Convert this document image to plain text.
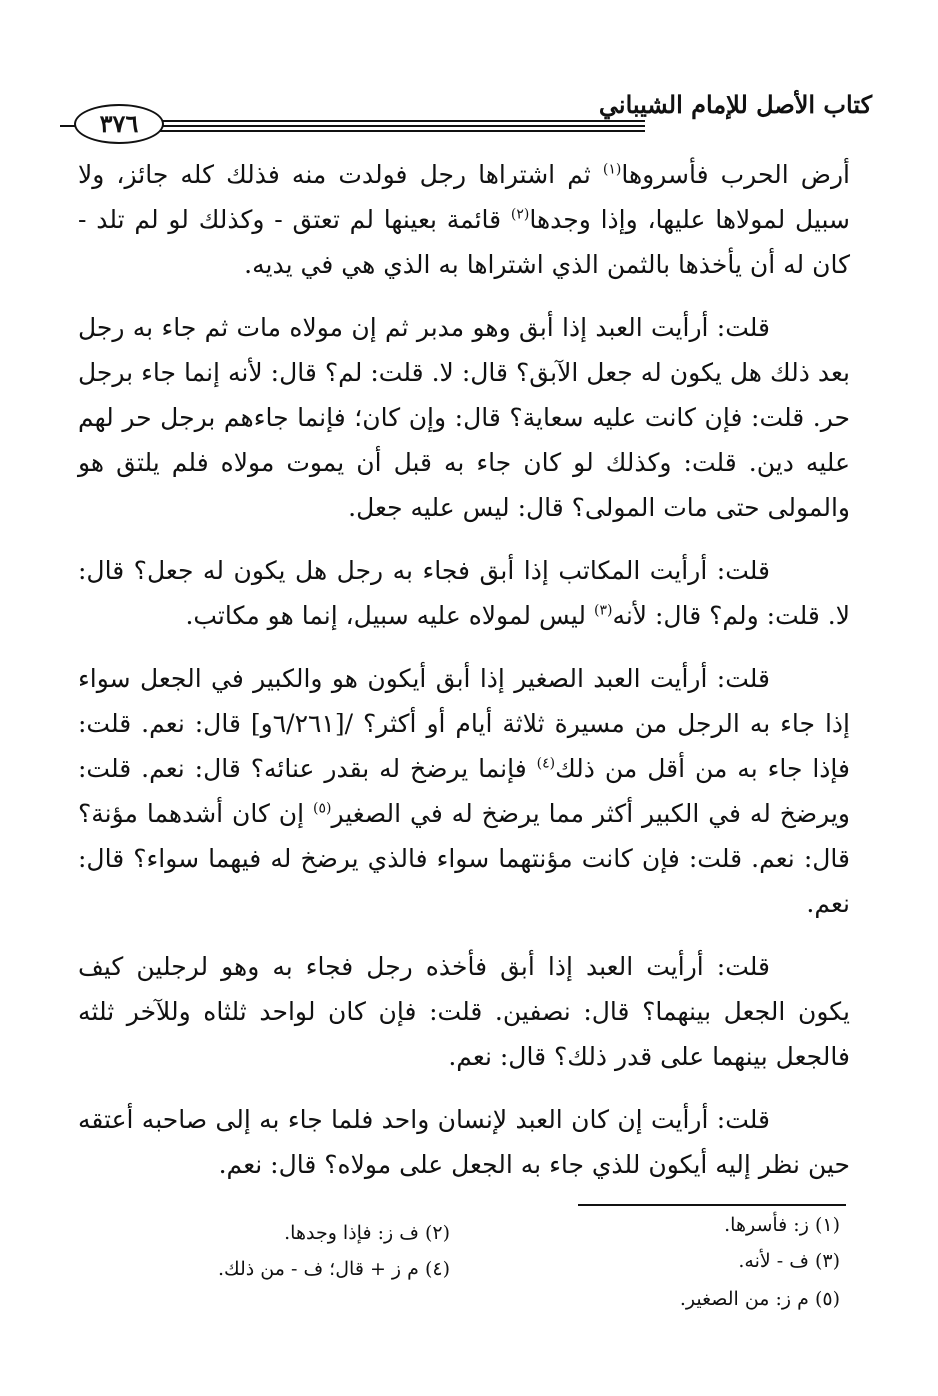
كتاب الأصل للإمام الشيباني
٣٧٦

أرض الحرب فأسروها$^{(١)}$ ثم اشتراها رجل فولدت منه فذلك كله جائز، ولا سبيل لمولاها عليها، وإذا وجدها$^{(٢)}$ قائمة بعينها لم تعتق - وكذلك لو لم تلد - كان له أن يأخذها بالثمن الذي اشتراها به الذي هي في يديه.

قلت: أرأيت العبد إذا أبق وهو مدبر ثم إن مولاه مات ثم جاء به رجل بعد ذلك هل يكون له جعل الآبق؟ قال: لا. قلت: لم؟ قال: لأنه إنما جاء برجل حر. قلت: فإن كانت عليه سعاية؟ قال: وإن كان؛ فإنما جاءهم برجل حر لهم عليه دين. قلت: وكذلك لو كان جاء به قبل أن يموت مولاه فلم يلتق هو والمولى حتى مات المولى؟ قال: ليس عليه جعل.

قلت: أرأيت المكاتب إذا أبق فجاء به رجل هل يكون له جعل؟ قال: لا. قلت: ولم؟ قال: لأنه$^{(٣)}$ ليس لمولاه عليه سبيل، إنما هو مكاتب.

قلت: أرأيت العبد الصغير إذا أبق أيكون هو والكبير في الجعل سواء إذا جاء به الرجل من مسيرة ثلاثة أيام أو أكثر؟ /[٦/٢٦١و] قال: نعم. قلت: فإذا جاء به من أقل من ذلك$^{(٤)}$ فإنما يرضخ له بقدر عنائه؟ قال: نعم. قلت: ويرضخ له في الكبير أكثر مما يرضخ له في الصغير$^{(٥)}$ إن كان أشدهما مؤنة؟ قال: نعم. قلت: فإن كانت مؤنتهما سواء فالذي يرضخ له فيهما سواء؟ قال: نعم.

قلت: أرأيت العبد إذا أبق فأخذه رجل فجاء به وهو لرجلين كيف يكون الجعل بينهما؟ قال: نصفين. قلت: فإن كان لواحد ثلثاه وللآخر ثلثه فالجعل بينهما على قدر ذلك؟ قال: نعم.

قلت: أرأيت إن كان العبد لإنسان واحد فلما جاء به إلى صاحبه أعتقه حين نظر إليه أيكون للذي جاء به الجعل على مولاه؟ قال: نعم.

(١) ز: فأسرها.
(٢) ف ز: فإذا وجدها.
(٣) ف - لأنه.
(٤) م ز + قال؛ ف - من ذلك.
(٥) م ز: من الصغير.
